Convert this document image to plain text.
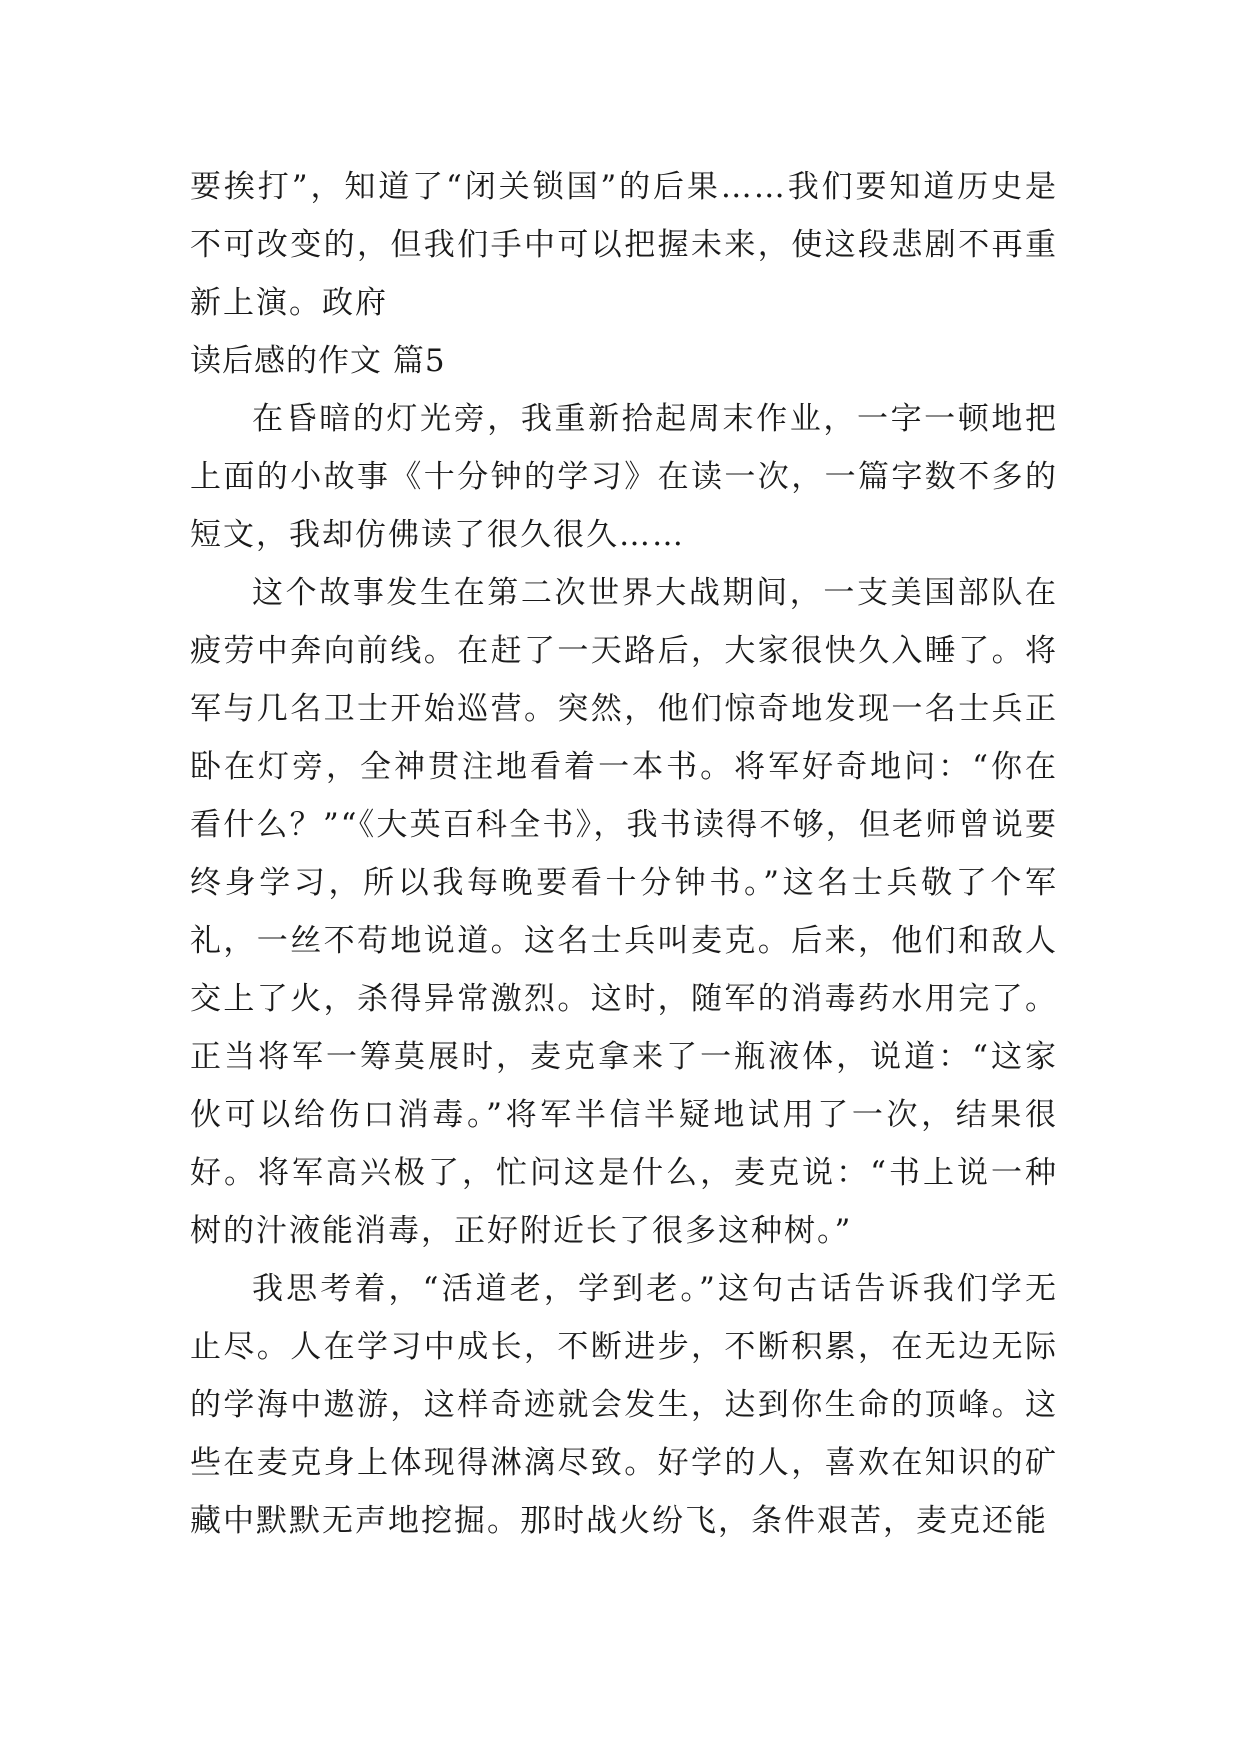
要挨打”，知道了“闭关锁国”的后果……我们要知道历史是不可改变的，但我们手中可以把握未来，使这段悲剧不再重新上演。政府

读后感的作文 篇5

在昏暗的灯光旁，我重新拾起周末作业，一字一顿地把上面的小故事《十分钟的学习》在读一次，一篇字数不多的短文，我却仿佛读了很久很久……

这个故事发生在第二次世界大战期间，一支美国部队在疲劳中奔向前线。在赶了一天路后，大家很快久入睡了。将军与几名卫士开始巡营。突然，他们惊奇地发现一名士兵正卧在灯旁，全神贯注地看着一本书。将军好奇地问：“你在看什么？”“《大英百科全书》，我书读得不够，但老师曾说要终身学习，所以我每晚要看十分钟书。”这名士兵敬了个军礼，一丝不苟地说道。这名士兵叫麦克。后来，他们和敌人交上了火，杀得异常激烈。这时，随军的消毒药水用完了。正当将军一筹莫展时，麦克拿来了一瓶液体，说道：“这家伙可以给伤口消毒。”将军半信半疑地试用了一次，结果很好。将军高兴极了，忙问这是什么，麦克说：“书上说一种树的汁液能消毒，正好附近长了很多这种树。”

我思考着，“活道老，学到老。”这句古话告诉我们学无止尽。人在学习中成长，不断进步，不断积累，在无边无际的学海中遨游，这样奇迹就会发生，达到你生命的顶峰。这些在麦克身上体现得淋漓尽致。好学的人，喜欢在知识的矿藏中默默无声地挖掘。那时战火纷飞，条件艰苦，麦克还能
